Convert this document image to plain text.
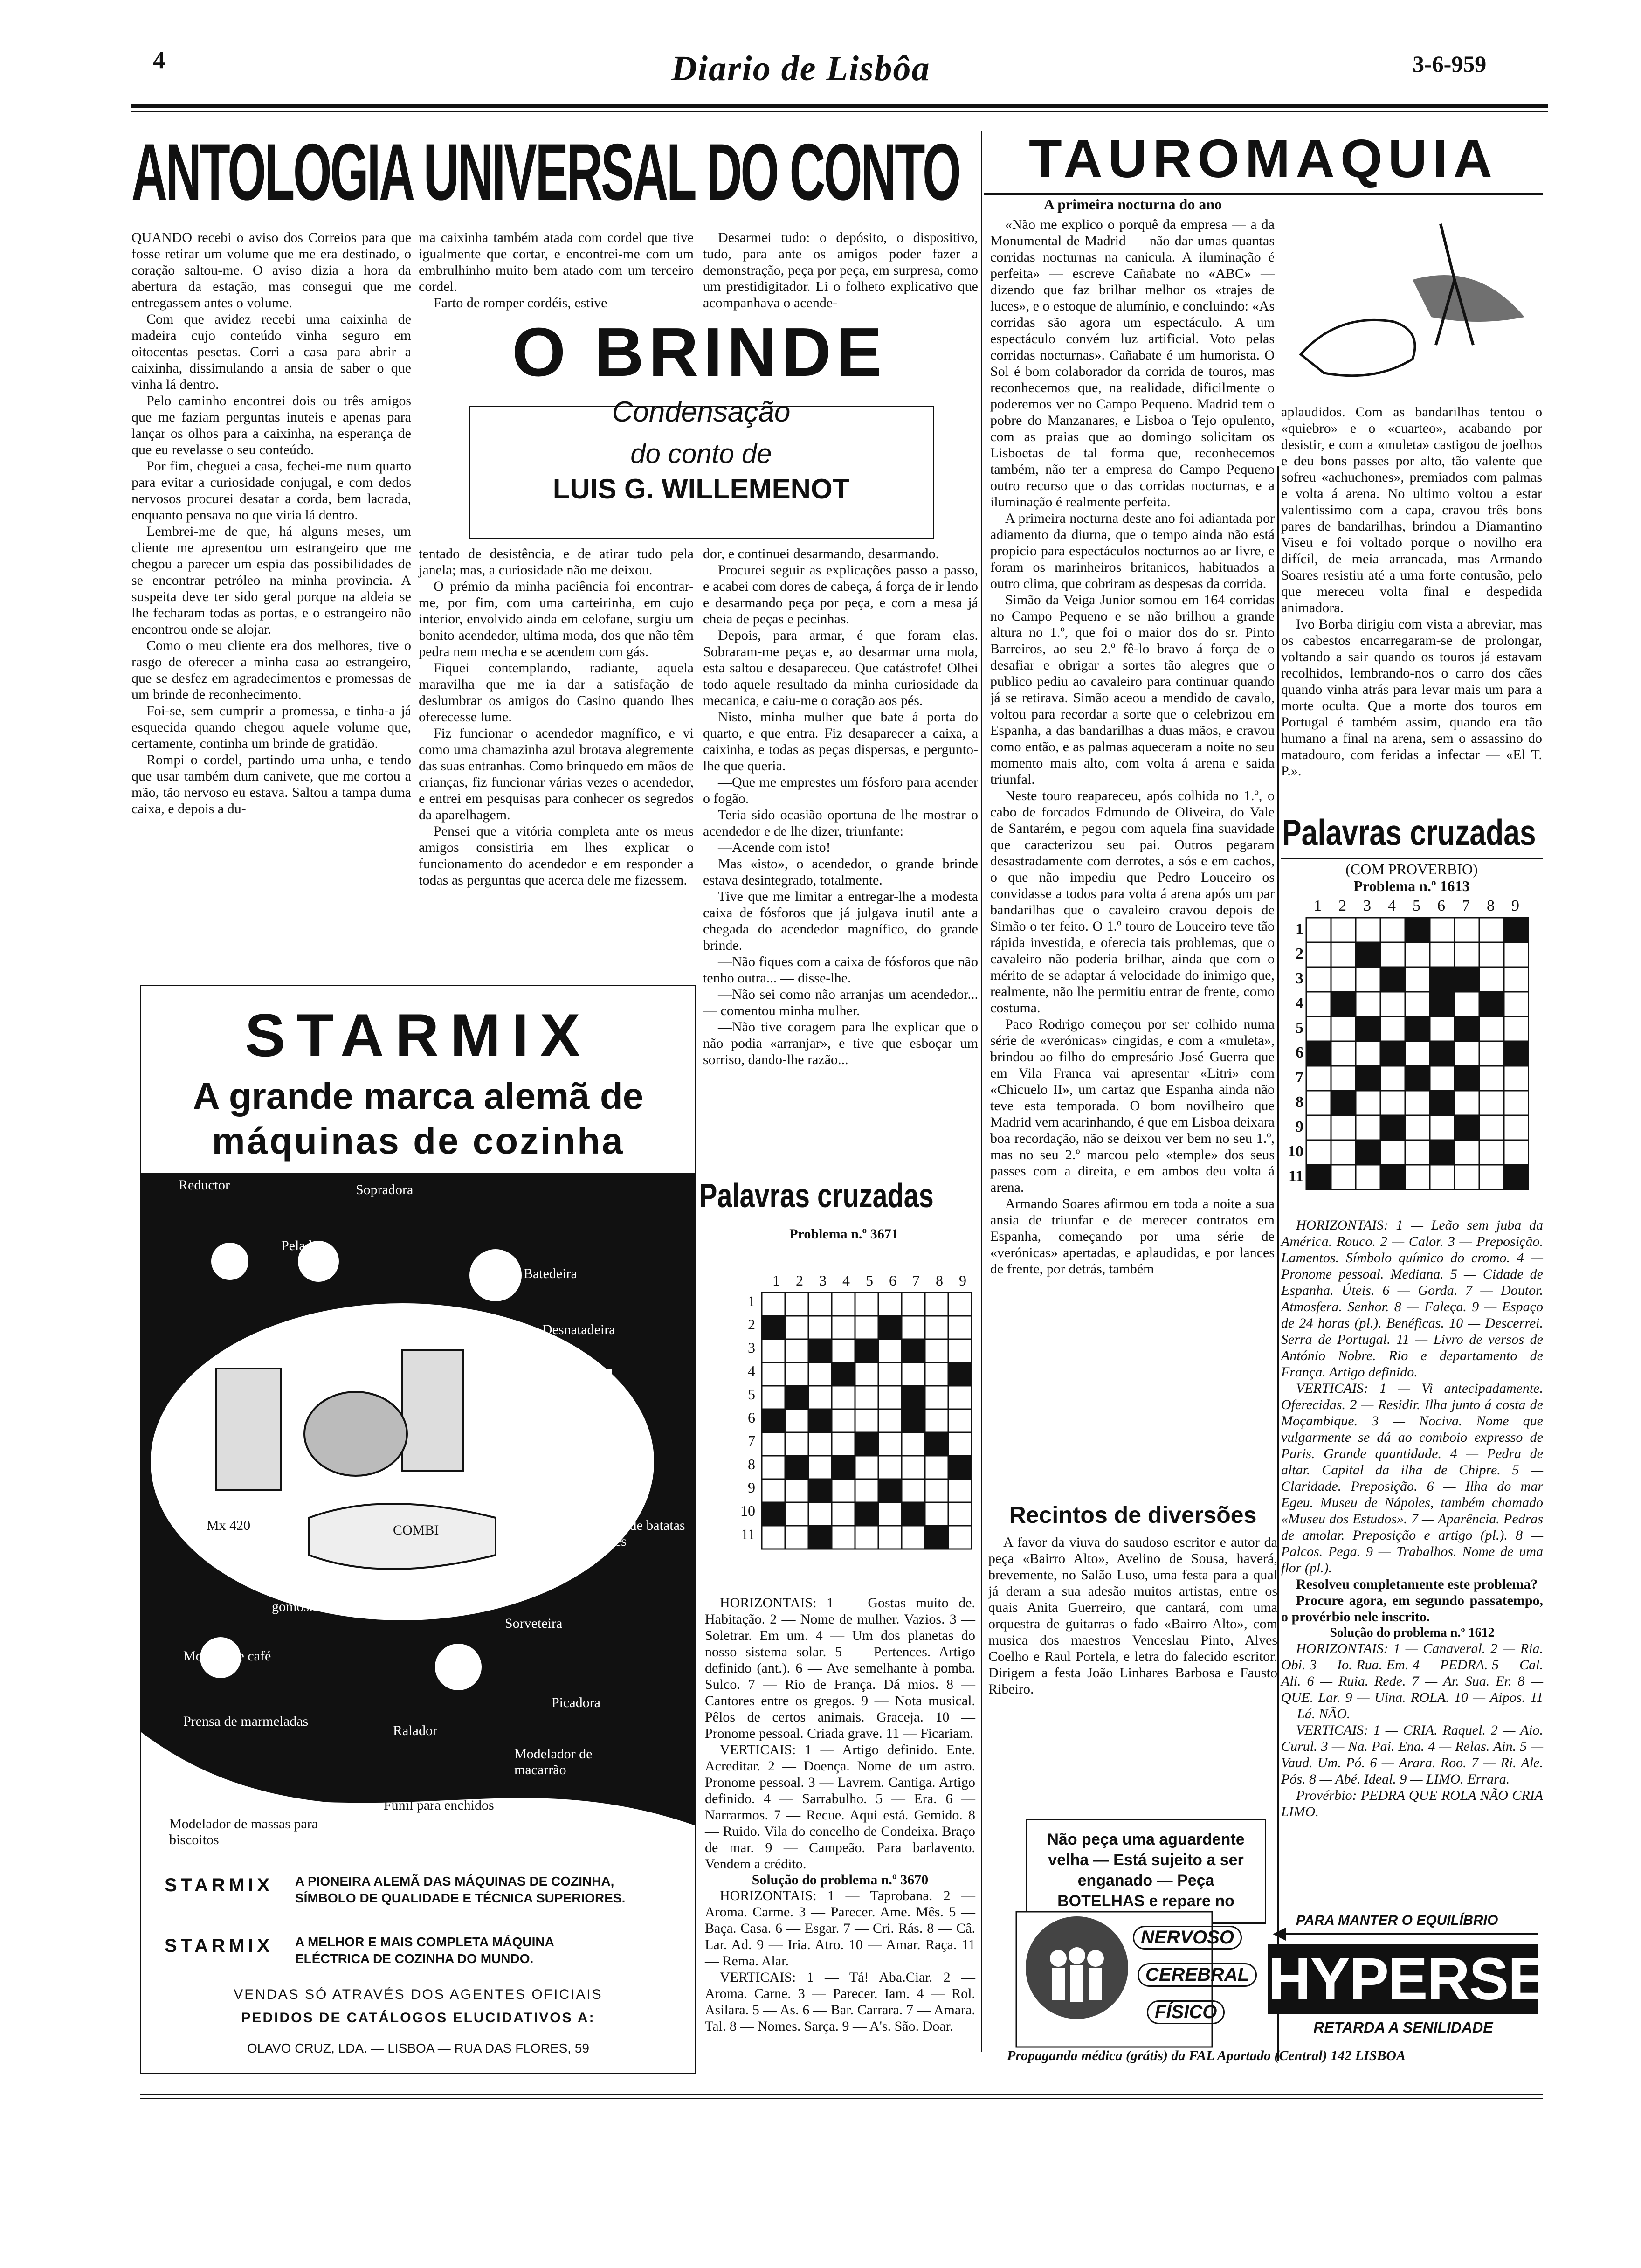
4	Diario de Lisbôa	3-6-959
ANTOLOGIA UNIVERSAL DO CONTO

QUANDO recebi o aviso dos Correios para que fosse retirar um volume que me era destinado, o coração saltou-me. O aviso dizia a hora da abertura da estação, mas consegui que me entregassem antes o volume.

Com que avidez recebi uma caixinha de madeira cujo conteúdo vinha seguro em oitocentas pesetas. Corri a casa para abrir a caixinha, dissimulando a ansia de saber o que vinha lá dentro.

Pelo caminho encontrei dois ou três amigos que me faziam perguntas inuteis e apenas para lançar os olhos para a caixinha, na esperança de que eu revelasse o seu conteúdo.

Por fim, cheguei a casa, fechei-me num quarto para evitar a curiosidade conjugal, e com dedos nervosos procurei desatar a corda, bem lacrada, enquanto pensava no que viria lá dentro.

Lembrei-me de que, há alguns meses, um cliente me apresentou um estrangeiro que me chegou a parecer um espia das possibilidades de se encontrar petróleo na minha provincia. A suspeita deve ter sido geral porque na aldeia se lhe fecharam todas as portas, e o estrangeiro não encontrou onde se alojar.

Como o meu cliente era dos melhores, tive o rasgo de oferecer a minha casa ao estrangeiro, que se desfez em agradecimentos e promessas de um brinde de reconhecimento.

Foi-se, sem cumprir a promessa, e tinha-a já esquecida quando chegou aquele volume que, certamente, continha um brinde de gratidão.

Rompi o cordel, partindo uma unha, e tendo que usar também dum canivete, que me cortou a mão, tão nervoso eu estava. Saltou a tampa duma caixa, e depois a du-

ma caixinha também atada com cordel que tive igualmente que cortar, e encontrei-me com um embrulhinho muito bem atado com um terceiro cordel.

Farto de romper cordéis, estive

Desarmei tudo: o depósito, o dispositivo, tudo, para ante os amigos poder fazer a demonstração, peça por peça, em surpresa, como um prestidigitador. Li o folheto explicativo que acompanhava o acende-

O BRINDE
Condensação
do conto de
LUIS G. WILLEMENOT

tentado de desistência, e de atirar tudo pela janela; mas, a curiosidade não me deixou.

O prémio da minha paciência foi encontrar-me, por fim, com uma carteirinha, em cujo interior, envolvido ainda em celofane, surgiu um bonito acendedor, ultima moda, dos que não têm pedra nem mecha e se acendem com gás.

Fiquei contemplando, radiante, aquela maravilha que me ia dar a satisfação de deslumbrar os amigos do Casino quando lhes oferecesse lume.

Fiz funcionar o acendedor magnífico, e vi como uma chamazinha azul brotava alegremente das suas entranhas. Como brinquedo em mãos de crianças, fiz funcionar várias vezes o acendedor, e entrei em pesquisas para conhecer os segredos da aparelhagem.

Pensei que a vitória completa ante os meus amigos consistiria em lhes explicar o funcionamento do acendedor e em responder a todas as perguntas que acerca dele me fizessem.

dor, e continuei desarmando, desarmando.

Procurei seguir as explicações passo a passo, e acabei com dores de cabeça, á força de ir lendo e desarmando peça por peça, e com a mesa já cheia de peças e pecinhas.

Depois, para armar, é que foram elas. Sobraram-me peças e, ao desarmar uma mola, esta saltou e desapareceu. Que catástrofe! Olhei todo aquele resultado da minha curiosidade da mecanica, e caiu-me o coração aos pés.

Nisto, minha mulher que bate á porta do quarto, e que entra. Fiz desaparecer a caixa, a caixinha, e todas as peças dispersas, e pergunto-lhe que queria.

—Que me emprestes um fósforo para acender o fogão.

Teria sido ocasião oportuna de lhe mostrar o acendedor e de lhe dizer, triunfante:

—Acende com isto!

Mas «isto», o acendedor, o grande brinde estava desintegrado, totalmente.

Tive que me limitar a entregar-lhe a modesta caixa de fósforos que já julgava inutil ante a chegada do acendedor magnífico, do grande brinde.

—Não fiques com a caixa de fósforos que não tenho outra... — disse-lhe.

—Não sei como não arranjas um acendedor... — comentou minha mulher.

—Não tive coragem para lhe explicar que o não podia «arranjar», e tive que esboçar um sorriso, dando-lhe razão...

STARMIX
A grande marca alemã de
máquinas de cozinha
Reductor	Sopradora
Peladora
Batedeira
Desnatadeira
Centrifugador de sumos
Mx 420	COMBI	Cortadora de batatas e legumes
Espremedor de frutos gomosos
Sorveteira
Moinho de café
Picadora
Prensa de marmeladas
Ralador
Modelador de macarrão
Funil para enchidos
Modelador de massas para biscoitos
STARMIX A PIONEIRA ALEMÃ DAS MÁQUINAS DE COZINHA,
SÍMBOLO DE QUALIDADE E TÉCNICA SUPERIORES.
STARMIX A MELHOR E MAIS COMPLETA MÁQUINA
ELÉCTRICA DE COZINHA DO MUNDO.
VENDAS SÓ ATRAVÉS DOS AGENTES OFICIAIS
PEDIDOS DE CATÁLOGOS ELUCIDATIVOS A:
OLAVO CRUZ, LDA. — LISBOA — RUA DAS FLORES, 59
Palavras cruzadas
Problema n.º 3671
1	2	3	4	5	6	7	8	9
1
2
3
4
5
6
7
8
9
10
11

HORIZONTAIS: 1 — Gostas muito de. Habitação. 2 — Nome de mulher. Vazios. 3 — Soletrar. Em um. 4 — Um dos planetas do nosso sistema solar. 5 — Pertences. Artigo definido (ant.). 6 — Ave semelhante à pomba. Sulco. 7 — Rio de França. Dá mios. 8 — Cantores entre os gregos. 9 — Nota musical. Pêlos de certos animais. Graceja. 10 — Pronome pessoal. Criada grave. 11 — Ficariam.

VERTICAIS: 1 — Artigo definido. Ente. Acreditar. 2 — Doença. Nome de um astro. Pronome pessoal. 3 — Lavrem. Cantiga. Artigo definido. 4 — Sarrabulho. 5 — Era. 6 — Narrarmos. 7 — Recue. Aqui está. Gemido. 8 — Ruido. Vila do concelho de Condeixa. Braço de mar. 9 — Campeão. Para barlavento. Vendem a crédito.

Solução do problema n.º 3670

HORIZONTAIS: 1 — Taprobana. 2 — Aroma. Carme. 3 — Parecer. Ame. Mês. 5 — Baça. Casa. 6 — Esgar. 7 — Cri. Rás. 8 — Câ. Lar. Ad. 9 — Iria. Atro. 10 — Amar. Raça. 11 — Rema. Alar.

VERTICAIS: 1 — Tá! Aba.Ciar. 2 — Aroma. Carne. 3 — Parecer. Iam. 4 — Rol. Asilara. 5 — As. 6 — Bar. Carrara. 7 — Amara. Tal. 8 — Nomes. Sarça. 9 — A's. São. Doar.

TAUROMAQUIA
A primeira nocturna do ano

«Não me explico o porquê da empresa — a da Monumental de Madrid — não dar umas quantas corridas nocturnas na canicula. A iluminação é perfeita» — escreve Cañabate no «ABC» — dizendo que faz brilhar melhor os «trajes de luces», e o estoque de alumínio, e concluindo: «As corridas são agora um espectáculo. A um espectáculo convém luz artificial. Voto pelas corridas nocturnas». Cañabate é um humorista. O Sol é bom colaborador da corrida de touros, mas reconhecemos que, na realidade, dificilmente o poderemos ver no Campo Pequeno. Madrid tem o pobre do Manzanares, e Lisboa o Tejo opulento, com as praias que ao domingo solicitam os Lisboetas de tal forma que, reconhecemos também, não ter a empresa do Campo Pequeno outro recurso que o das corridas nocturnas, e a iluminação é realmente perfeita.

A primeira nocturna deste ano foi adiantada por adiamento da diurna, que o tempo ainda não está propicio para espectáculos nocturnos ao ar livre, e foram os marinheiros britanicos, habituados a outro clima, que cobriram as despesas da corrida.

Simão da Veiga Junior somou em 164 corridas no Campo Pequeno e se não brilhou a grande altura no 1.º, que foi o maior dos do sr. Pinto Barreiros, ao seu 2.º fê-lo bravo á força de o desafiar e obrigar a sortes tão alegres que o publico pediu ao cavaleiro para continuar quando já se retirava. Simão aceou a mendido de cavalo, voltou para recordar a sorte que o celebrizou em Espanha, a das bandarilhas a duas mãos, e cravou como então, e as palmas aqueceram a noite no seu momento mais alto, com volta á arena e saida triunfal.

Neste touro reapareceu, após colhida no 1.º, o cabo de forcados Edmundo de Oliveira, do Vale de Santarém, e pegou com aquela fina suavidade que caracterizou seu pai. Outros pegaram desastradamente com derrotes, a sós e em cachos, o que não impediu que Pedro Louceiro os convidasse a todos para volta á arena após um par bandarilhas que o cavaleiro cravou depois de Simão o ter feito. O 1.º touro de Louceiro teve tão rápida investida, e oferecia tais problemas, que o cavaleiro não poderia brilhar, ainda que com o mérito de se adaptar á velocidade do inimigo que, realmente, não lhe permitiu entrar de frente, como costuma.

Paco Rodrigo começou por ser colhido numa série de «verónicas» cingidas, e com a «muleta», brindou ao filho do empresário José Guerra que em Vila Franca vai apresentar «Litri» com «Chicuelo II», um cartaz que Espanha ainda não teve esta temporada. O bom novilheiro que Madrid vem acarinhando, é que em Lisboa deixara boa recordação, não se deixou ver bem no seu 1.º, mas no seu 2.º marcou pelo «temple» dos seus passes com a direita, e em ambos deu volta á arena.

Armando Soares afirmou em toda a noite a sua ansia de triunfar e de merecer contratos em Espanha, começando por uma série de «verónicas» apertadas, e aplaudidas, e por lances de frente, por detrás, também

aplaudidos. Com as bandarilhas tentou o «quiebro» e o «cuarteo», acabando por desistir, e com a «muleta» castigou de joelhos e deu bons passes por alto, tão valente que sofreu «achuchones», premiados com palmas e volta á arena. No ultimo voltou a estar valentissimo com a capa, cravou três bons pares de bandarilhas, brindou a Diamantino Viseu e foi voltado porque o novilho era difícil, de meia arrancada, mas Armando Soares resistiu até a uma forte contusão, pelo que mereceu volta final e despedida animadora.

Ivo Borba dirigiu com vista a abreviar, mas os cabestos encarregaram-se de prolongar, voltando a sair quando os touros já estavam recolhidos, lembrando-nos o carro dos cães quando vinha atrás para levar mais um para a morte oculta. Que a morte dos touros em Portugal é também assim, quando era tão humano a final na arena, sem o assassino do matadouro, com feridas a infectar — «El T. P.».

Recintos de diversões

A favor da viuva do saudoso escritor e autor da peça «Bairro Alto», Avelino de Sousa, haverá, brevemente, no Salão Luso, uma festa para a qual já deram a sua adesão muitos artistas, entre os quais Anita Guerreiro, que cantará, com uma orquestra de guitarras o fado «Bairro Alto», com musica dos maestros Venceslau Pinto, Alves Coelho e Raul Portela, e letra do falecido escritor. Dirigem a festa João Linhares Barbosa e Fausto Ribeiro.

Não peça uma aguardente velha — Está sujeito a ser enganado — Peça BOTELHAS e repare no
Palavras cruzadas
(COM PROVERBIO)
Problema n.º 1613
1	2	3	4	5	6	7	8	9
1
2
3
4
5
6
7
8
9
10
11

HORIZONTAIS: 1 — Leão sem juba da América. Rouco. 2 — Calor. 3 — Preposição. Lamentos. Símbolo químico do cromo. 4 — Pronome pessoal. Mediana. 5 — Cidade de Espanha. Úteis. 6 — Gorda. 7 — Doutor. Atmosfera. Senhor. 8 — Faleça. 9 — Espaço de 24 horas (pl.). Benéficas. 10 — Descerrei. Serra de Portugal. 11 — Livro de versos de António Nobre. Rio e departamento de França. Artigo definido.

VERTICAIS: 1 — Vi antecipadamente. Oferecidas. 2 — Residir. Ilha junto á costa de Moçambique. 3 — Nociva. Nome que vulgarmente se dá ao comboio expresso de Paris. Grande quantidade. 4 — Pedra de altar. Capital da ilha de Chipre. 5 — Claridade. Preposição. 6 — Ilha do mar Egeu. Museu de Nápoles, também chamado «Museu dos Estudos». 7 — Aparência. Pedras de amolar. Preposição e artigo (pl.). 8 — Palcos. Pega. 9 — Trabalhos. Nome de uma flor (pl.).

Resolveu completamente este problema?

Procure agora, em segundo passatempo, o provérbio nele inscrito.

Solução do problema n.º 1612

HORIZONTAIS: 1 — Canaveral. 2 — Ria. Obi. 3 — Io. Rua. Em. 4 — PEDRA. 5 — Cal. Ali. 6 — Ruia. Rede. 7 — Ar. Sua. Er. 8 — QUE. Lar. 9 — Uina. ROLA. 10 — Aipos. 11 — Lá. NÃO.

VERTICAIS: 1 — CRIA. Raquel. 2 — Aio. Curul. 3 — Na. Pai. Ena. 4 — Relas. Ain. 5 — Vaud. Um. Pó. 6 — Arara. Roo. 7 — Ri. Ale. Pós. 8 — Abé. Ideal. 9 — LIMO. Errara.

Provérbio: PEDRA QUE ROLA NÃO CRIA LIMO.

NERVOSO
CEREBRAL
FÍSICO
PARA MANTER O EQUILÍBRIO
HYPERSEX
RETARDA A SENILIDADE
Propaganda médica (grátis) da FAL Apartado (Central) 142 LISBOA
